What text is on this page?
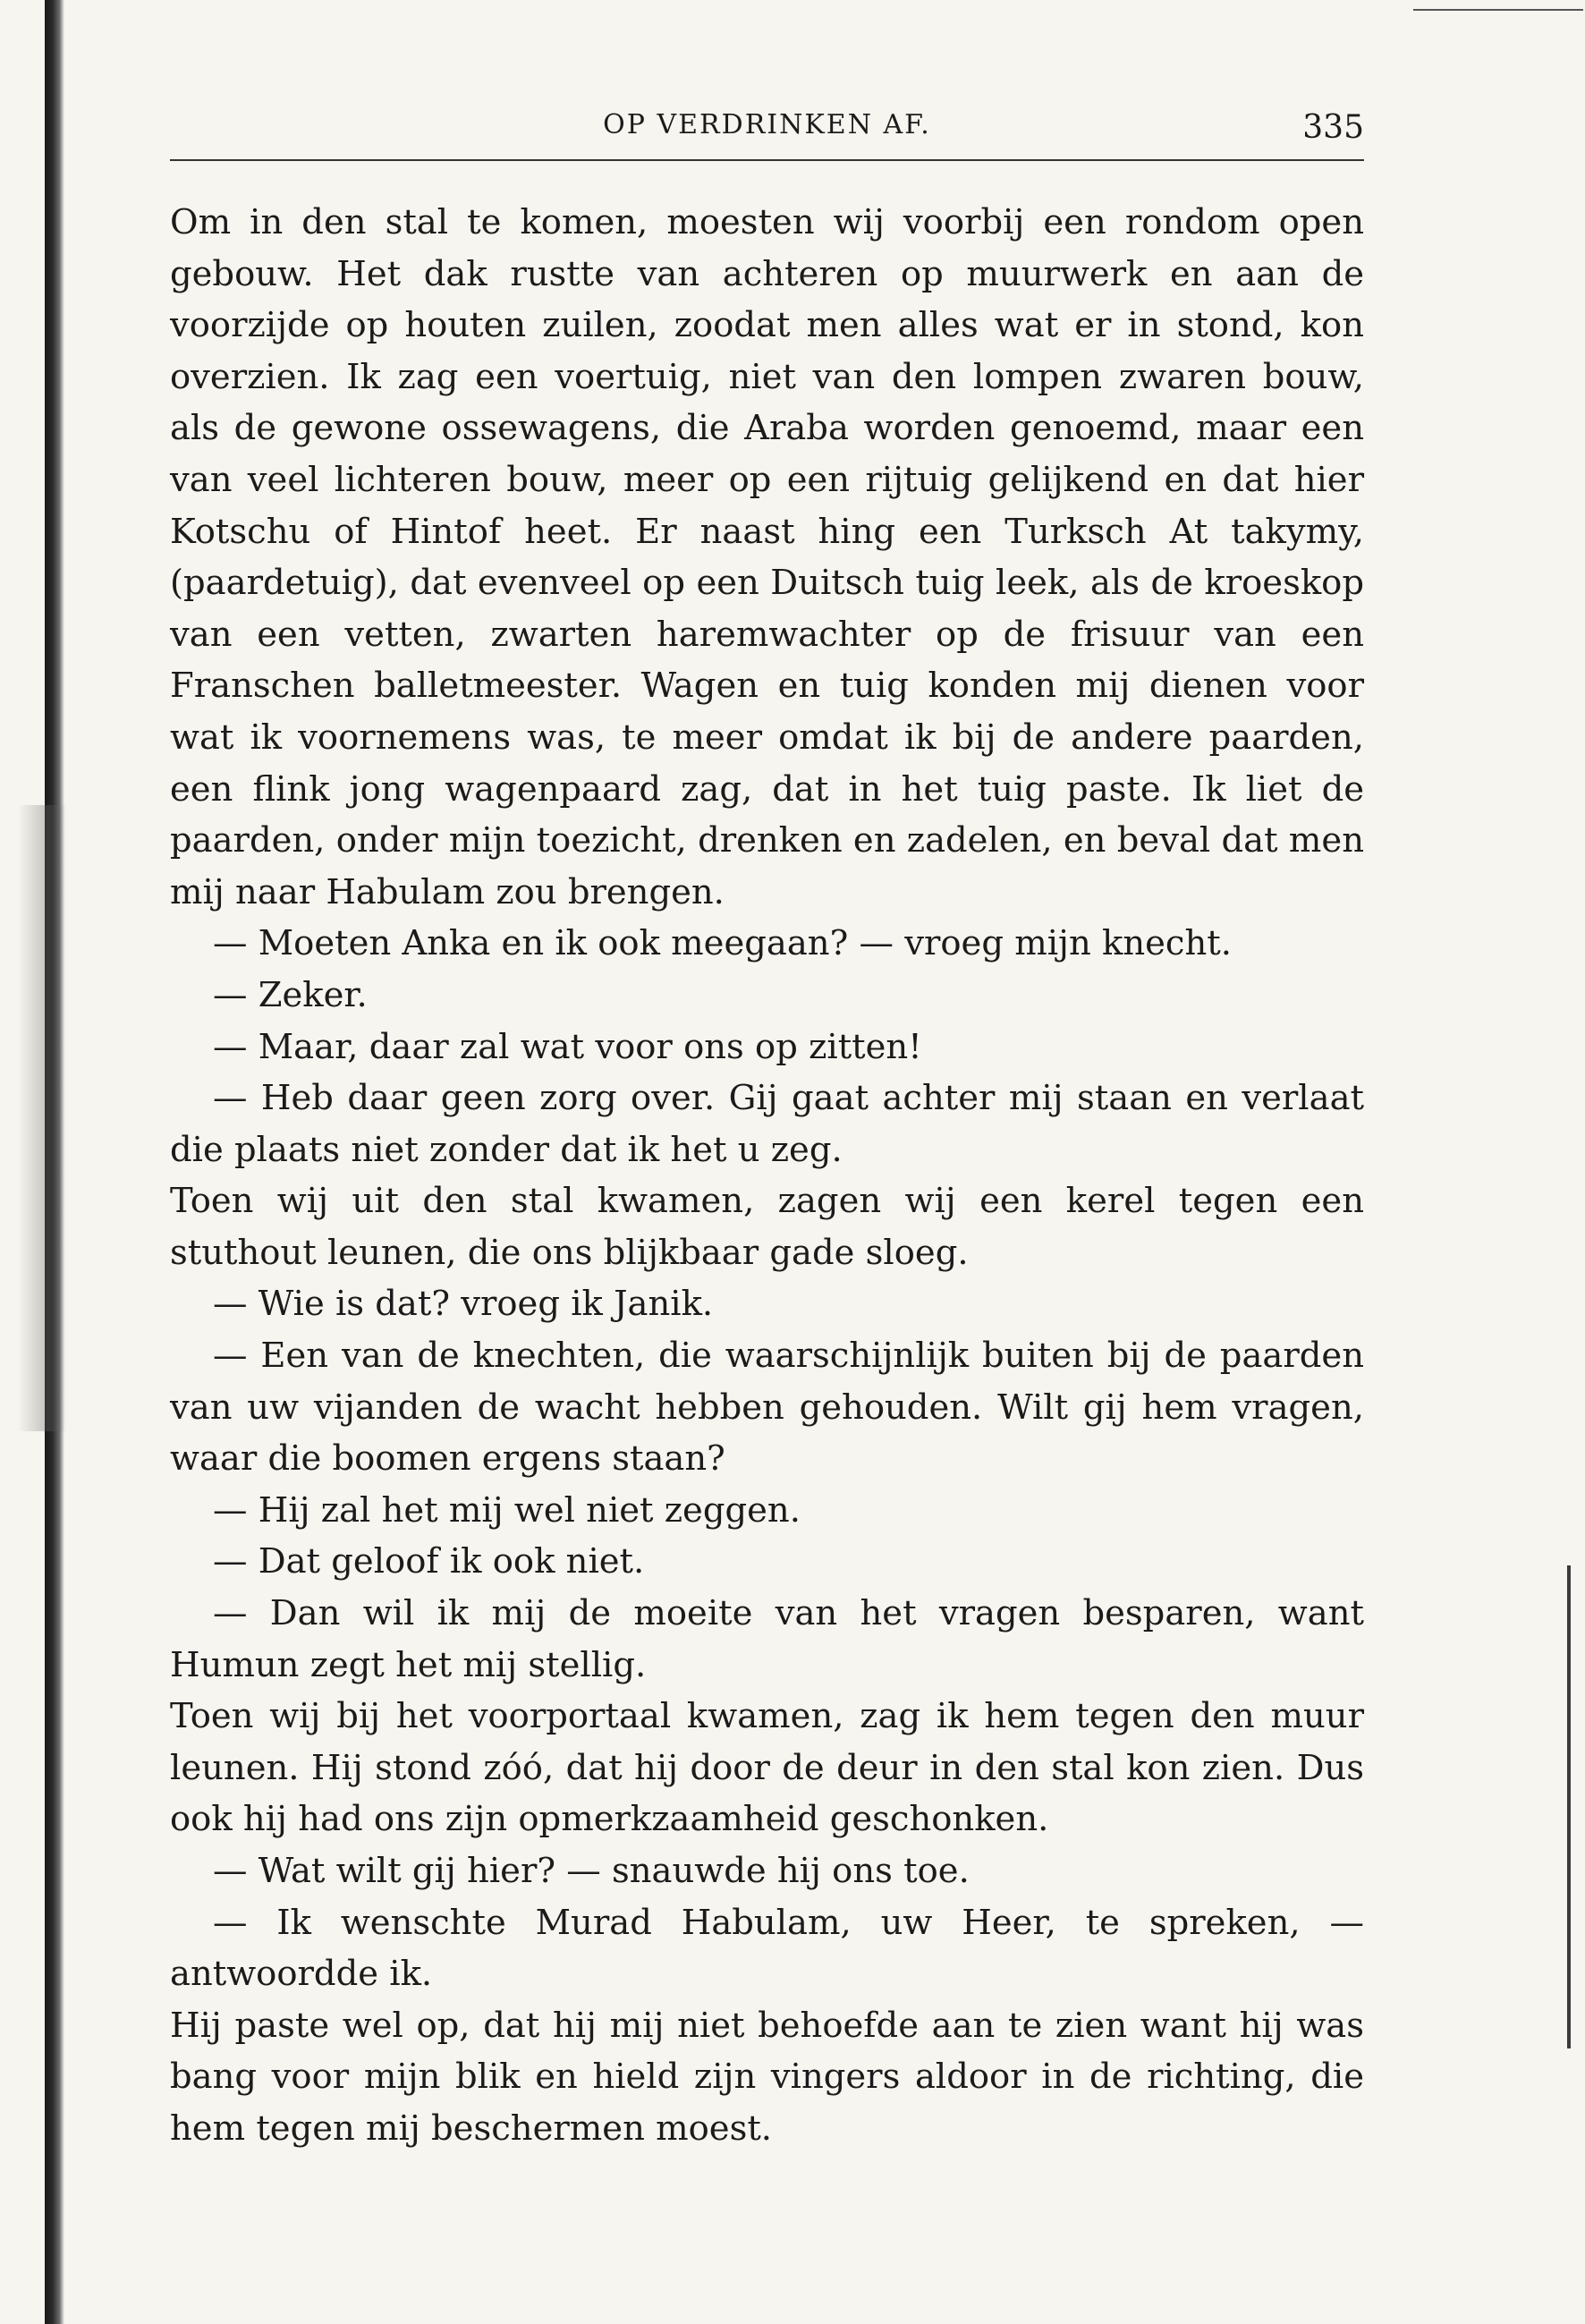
OP VERDRINKEN AF.	335

Om in den stal te komen, moesten wij voorbij een rondom open gebouw. Het dak rustte van achteren op muurwerk en aan de voorzijde op houten zuilen, zoodat men alles wat er in stond, kon overzien. Ik zag een voertuig, niet van den lompen zwaren bouw, als de gewone ossewagens, die Araba worden genoemd, maar een van veel lichteren bouw, meer op een rijtuig gelijkend en dat hier Kotschu of Hintof heet. Er naast hing een Turksch At takymy, (paardetuig), dat evenveel op een Duitsch tuig leek, als de kroeskop van een vetten, zwarten haremwachter op de frisuur van een Franschen balletmeester. Wagen en tuig konden mij dienen voor wat ik voornemens was, te meer omdat ik bij de andere paarden, een flink jong wagenpaard zag, dat in het tuig paste. Ik liet de paarden, onder mijn toezicht, drenken en zadelen, en beval dat men mij naar Habulam zou brengen.

— Moeten Anka en ik ook meegaan? — vroeg mijn knecht.

— Zeker.

— Maar, daar zal wat voor ons op zitten!

— Heb daar geen zorg over. Gij gaat achter mij staan en verlaat die plaats niet zonder dat ik het u zeg.

Toen wij uit den stal kwamen, zagen wij een kerel tegen een stuthout leunen, die ons blijkbaar gade sloeg.

— Wie is dat? vroeg ik Janik.

— Een van de knechten, die waarschijnlijk buiten bij de paarden van uw vijanden de wacht hebben gehouden. Wilt gij hem vragen, waar die boomen ergens staan?

— Hij zal het mij wel niet zeggen.

— Dat geloof ik ook niet.

— Dan wil ik mij de moeite van het vragen besparen, want Humun zegt het mij stellig.

Toen wij bij het voorportaal kwamen, zag ik hem tegen den muur leunen. Hij stond zóó, dat hij door de deur in den stal kon zien. Dus ook hij had ons zijn opmerkzaamheid geschonken.

— Wat wilt gij hier? — snauwde hij ons toe.

— Ik wenschte Murad Habulam, uw Heer, te spreken, — antwoordde ik.

Hij paste wel op, dat hij mij niet behoefde aan te zien want hij was bang voor mijn blik en hield zijn vingers aldoor in de richting, die hem tegen mij beschermen moest.
